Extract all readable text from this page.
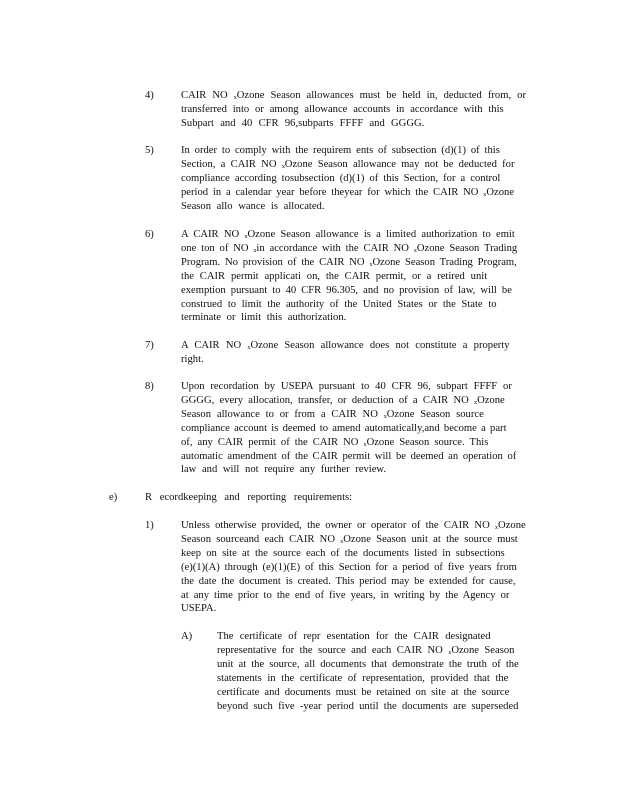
4)	CAIR NO ₓOzone Season allowances must be held in, deducted from, or
transferred into or among allowance accounts in accordance with this
Subpart and 40 CFR 96,subparts FFFF and GGGG.
5)	In order to comply with the requirem ents of subsection (d)(1) of this
Section, a CAIR NO ₓOzone Season allowance may not be deducted for
compliance according tosubsection (d)(1) of this Section, for a control
period in a calendar year before theyear for which the CAIR NO ₓOzone
Season allo wance is allocated.
6)	A CAIR NO ₓOzone Season allowance is a limited authorization to emit
one ton of NO ₓin accordance with the CAIR NO ₓOzone Season Trading
Program. No provision of the CAIR NO ₓOzone Season Trading Program,
the CAIR permit applicati on, the CAIR permit, or a retired unit
exemption pursuant to 40 CFR 96.305, and no provision of law, will be
construed to limit the authority of the United States or the State to
terminate or limit this authorization.
7)	A CAIR NO ₓOzone Season allowance does not constitute a property
right.
8)	Upon recordation by USEPA pursuant to 40 CFR 96, subpart FFFF or
GGGG, every allocation, transfer, or deduction of a CAIR NO ₓOzone
Season allowance to or from a CAIR NO ₓOzone Season source
compliance account is deemed to amend automatically,and become a part
of, any CAIR permit of the CAIR NO ₓOzone Season source. This
automatic amendment of the CAIR permit will be deemed an operation of
law and will not require any further review.
e)	R ecordkeeping and reporting requirements:
1)	Unless otherwise provided, the owner or operator of the CAIR NO ₓOzone
Season sourceand each CAIR NO ₓOzone Season unit at the source must
keep on site at the source each of the documents listed in subsections
(e)(1)(A) through (e)(1)(E) of this Section for a period of five years from
the date the document is created. This period may be extended for cause,
at any time prior to the end of five years, in writing by the Agency or
USEPA.
A) The certificate of repr esentation for the CAIR designated
representative for the source and each CAIR NO ₓOzone Season
unit at the source, all documents that demonstrate the truth of the
statements in the certificate of representation, provided that the
certificate and documents must be retained on site at the source
beyond such five -year period until the documents are superseded
